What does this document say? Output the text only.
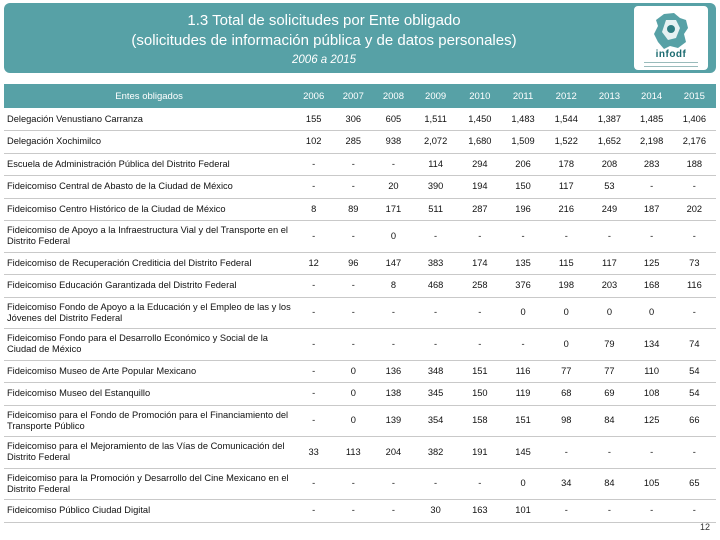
1.3 Total de solicitudes por Ente obligado
(solicitudes de información pública y de datos personales)
2006 a 2015	infodf
Entes obligados	2006	2007	2008	2009	2010	2011	2012	2013	2014	2015
Delegación Venustiano Carranza	155	306	605	1,511	1,450	1,483	1,544	1,387	1,485	1,406
Delegación Xochimilco	102	285	938	2,072	1,680	1,509	1,522	1,652	2,198	2,176
Escuela de Administración Pública del Distrito Federal	-	-	-	114	294	206	178	208	283	188
Fideicomiso Central de Abasto de la Ciudad de México	-	-	20	390	194	150	117	53	-	-
Fideicomiso Centro Histórico de la Ciudad de México	8	89	171	511	287	196	216	249	187	202
Fideicomiso de Apoyo a la Infraestructura Vial y del Transporte en el Distrito Federal	-	-	0	-	-	-	-	-	-	-
Fideicomiso de Recuperación Crediticia del Distrito Federal	12	96	147	383	174	135	115	117	125	73
Fideicomiso Educación Garantizada del Distrito Federal	-	-	8	468	258	376	198	203	168	116
Fideicomiso Fondo de Apoyo a la Educación y el Empleo de las y los Jóvenes del Distrito Federal	-	-	-	-	-	0	0	0	0	-
Fideicomiso Fondo para el Desarrollo Económico y Social de la Ciudad de México	-	-	-	-	-	-	0	79	134	74
Fideicomiso Museo de Arte Popular Mexicano	-	0	136	348	151	116	77	77	110	54
Fideicomiso Museo del Estanquillo	-	0	138	345	150	119	68	69	108	54
Fideicomiso para el Fondo de Promoción para el Financiamiento del Transporte Público	-	0	139	354	158	151	98	84	125	66
Fideicomiso para el Mejoramiento de las Vías de Comunicación del Distrito Federal	33	113	204	382	191	145	-	-	-	-
Fideicomiso para la Promoción y Desarrollo del Cine Mexicano en el Distrito Federal	-	-	-	-	-	0	34	84	105	65
Fideicomiso Público Ciudad Digital	-	-	-	30	163	101	-	-	-	-
12
